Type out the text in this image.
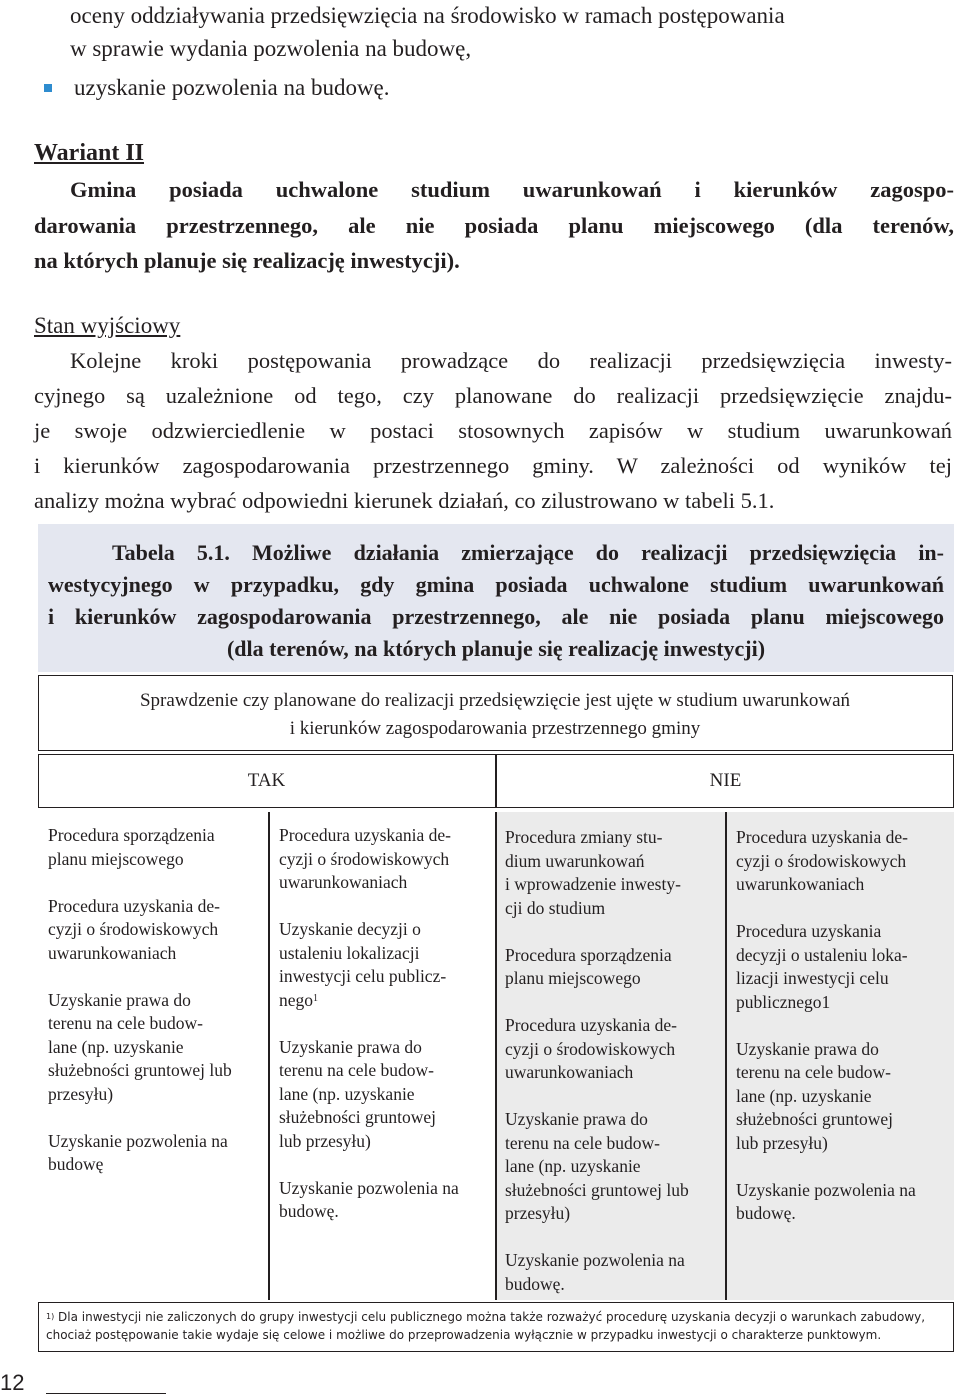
oceny oddziaływania przedsięwzięcia na środowisko w ramach postępowania
w sprawie wydania pozwolenia na budowę,
uzyskanie pozwolenia na budowę.
Wariant II
Gmina posiada uchwalone studium uwarunkowań i kierunków zagospo-
darowania przestrzennego, ale nie posiada planu miejscowego (dla terenów,
na których planuje się realizację inwestycji).
Stan wyjściowy
Kolejne kroki postępowania prowadzące do realizacji przedsięwzięcia inwesty-
cyjnego są uzależnione od tego, czy planowane do realizacji przedsięwzięcie znajdu-
je swoje odzwierciedlenie w postaci stosownych zapisów w studium uwarunkowań
i kierunków zagospodarowania przestrzennego gminy. W zależności od wyników tej
analizy można wybrać odpowiedni kierunek działań, co zilustrowano w tabeli 5.1.
Tabela 5.1. Możliwe działania zmierzające do realizacji przedsięwzięcia in-
westycyjnego w przypadku, gdy gmina posiada uchwalone studium uwarunkowań
i kierunków zagospodarowania przestrzennego, ale nie posiada planu miejscowego
(dla terenów, na których planuje się realizację inwestycji)
Sprawdzenie czy planowane do realizacji przedsięwzięcie jest ujęte w studium uwarunkowań
i kierunków zagospodarowania przestrzennego gminy
TAK	NIE

Procedura sporządzenia
planu miejscowego

Procedura uzyskania de-
cyzji o środowiskowych
uwarunkowaniach

Uzyskanie prawa do
terenu na cele budow-
lane (np. uzyskanie
służebności gruntowej lub
przesyłu)

Uzyskanie pozwolenia na
budowę

Procedura uzyskania de-
cyzji o środowiskowych
uwarunkowaniach

Uzyskanie decyzji o
ustaleniu lokalizacji
inwestycji celu publicz-
nego$^1$

Uzyskanie prawa do
terenu na cele budow-
lane (np. uzyskanie
służebności gruntowej
lub przesyłu)

Uzyskanie pozwolenia na
budowę.

Procedura zmiany stu-
dium uwarunkowań
i wprowadzenie inwesty-
cji do studium

Procedura sporządzenia
planu miejscowego

Procedura uzyskania de-
cyzji o środowiskowych
uwarunkowaniach

Uzyskanie prawa do
terenu na cele budow-
lane (np. uzyskanie
służebności gruntowej lub
przesyłu)

Uzyskanie pozwolenia na
budowę.

Procedura uzyskania de-
cyzji o środowiskowych
uwarunkowaniach

Procedura uzyskania
decyzji o ustaleniu loka-
lizacji inwestycji celu
publicznego1

Uzyskanie prawa do
terenu na cele budow-
lane (np. uzyskanie
służebności gruntowej
lub przesyłu)

Uzyskanie pozwolenia na
budowę.

$^{1)}$ Dla inwestycji nie zaliczonych do grupy inwestycji celu publicznego można także rozważyć procedurę uzyskania decyzji o warunkach zabudowy,
chociaż postępowanie takie wydaje się celowe i możliwe do przeprowadzenia wyłącznie w przypadku inwestycji o charakterze punktowym.
12
